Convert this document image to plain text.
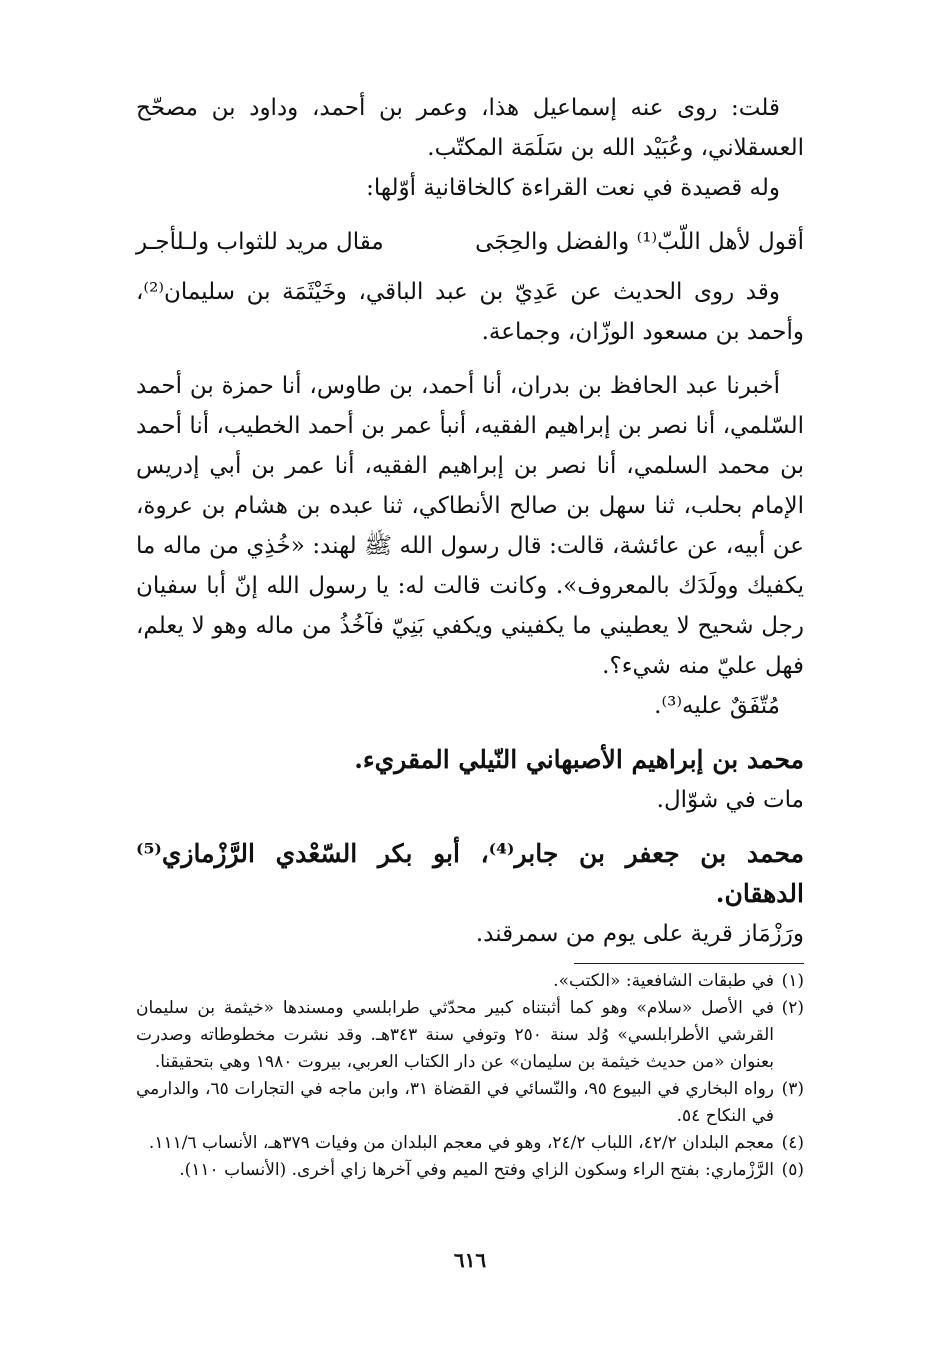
قلت: روى عنه إسماعيل هذا، وعمر بن أحمد، وداود بن مصحّح العسقلاني، وعُبَيْد الله بن سَلَمَة المكتّب.

وله قصيدة في نعت القراءة كالخاقانية أوّلها:

أقول لأهل اللّبّ⁽¹⁾ والفضل والحِجَى
مقال مريد للثواب ولـلأجـر

وقد روى الحديث عن عَدِيّ بن عبد الباقي، وخَيْثَمَة بن سليمان⁽²⁾، وأحمد بن مسعود الوزّان، وجماعة.

أخبرنا عبد الحافظ بن بدران، أنا أحمد، بن طاوس، أنا حمزة بن أحمد السّلمي، أنا نصر بن إبراهيم الفقيه، أنبأ عمر بن أحمد الخطيب، أنا أحمد بن محمد السلمي، أنا نصر بن إبراهيم الفقيه، أنا عمر بن أبي إدريس الإمام بحلب، ثنا سهل بن صالح الأنطاكي، ثنا عبده بن هشام بن عروة، عن أبيه، عن عائشة، قالت: قال رسول الله ﷺ لهند: «خُذِي من ماله ما يكفيك وولَدَك بالمعروف». وكانت قالت له: يا رسول الله إنّ أبا سفيان رجل شحيح لا يعطيني ما يكفيني ويكفي بَنِيّ فآخُذُ من ماله وهو لا يعلم، فهل عليّ منه شيء؟.

مُتّفَقٌ عليه⁽³⁾.

محمد بن إبراهيم الأصبهاني النّيلي المقريء.

مات في شوّال.

محمد بن جعفر بن جابر⁽⁴⁾، أبو بكر السّعْدي الرَّزْمازي⁽⁵⁾ الدهقان.

ورَزْمَاز قرية على يوم من سمرقند.

(١)
في طبقات الشافعية: «الكتب».
(٢)
في الأصل «سلام» وهو كما أثبتناه كبير محدّثي طرابلسي ومسندها «خيثمة بن سليمان القرشي الأطرابلسي» وُلد سنة ٢٥٠ وتوفي سنة ٣٤٣هـ. وقد نشرت مخطوطاته وصدرت بعنوان «من حديث خيثمة بن سليمان» عن دار الكتاب العربي، بيروت ١٩٨٠ وهي بتحقيقنا.
(٣)
رواه البخاري في البيوع ٩٥، والنّسائي في القضاة ٣١، وابن ماجه في التجارات ٦٥، والدارمي في النكاح ٥٤.
(٤)
معجم البلدان ٤٢/٢، اللباب ٢٤/٢، وهو في معجم البلدان من وفيات ٣٧٩هـ، الأنساب ١١١/٦.
(٥)
الرَّزْماري: بفتح الراء وسكون الزاي وفتح الميم وفي آخرها زاي أخرى. (الأنساب ١١٠).
٦١٦
